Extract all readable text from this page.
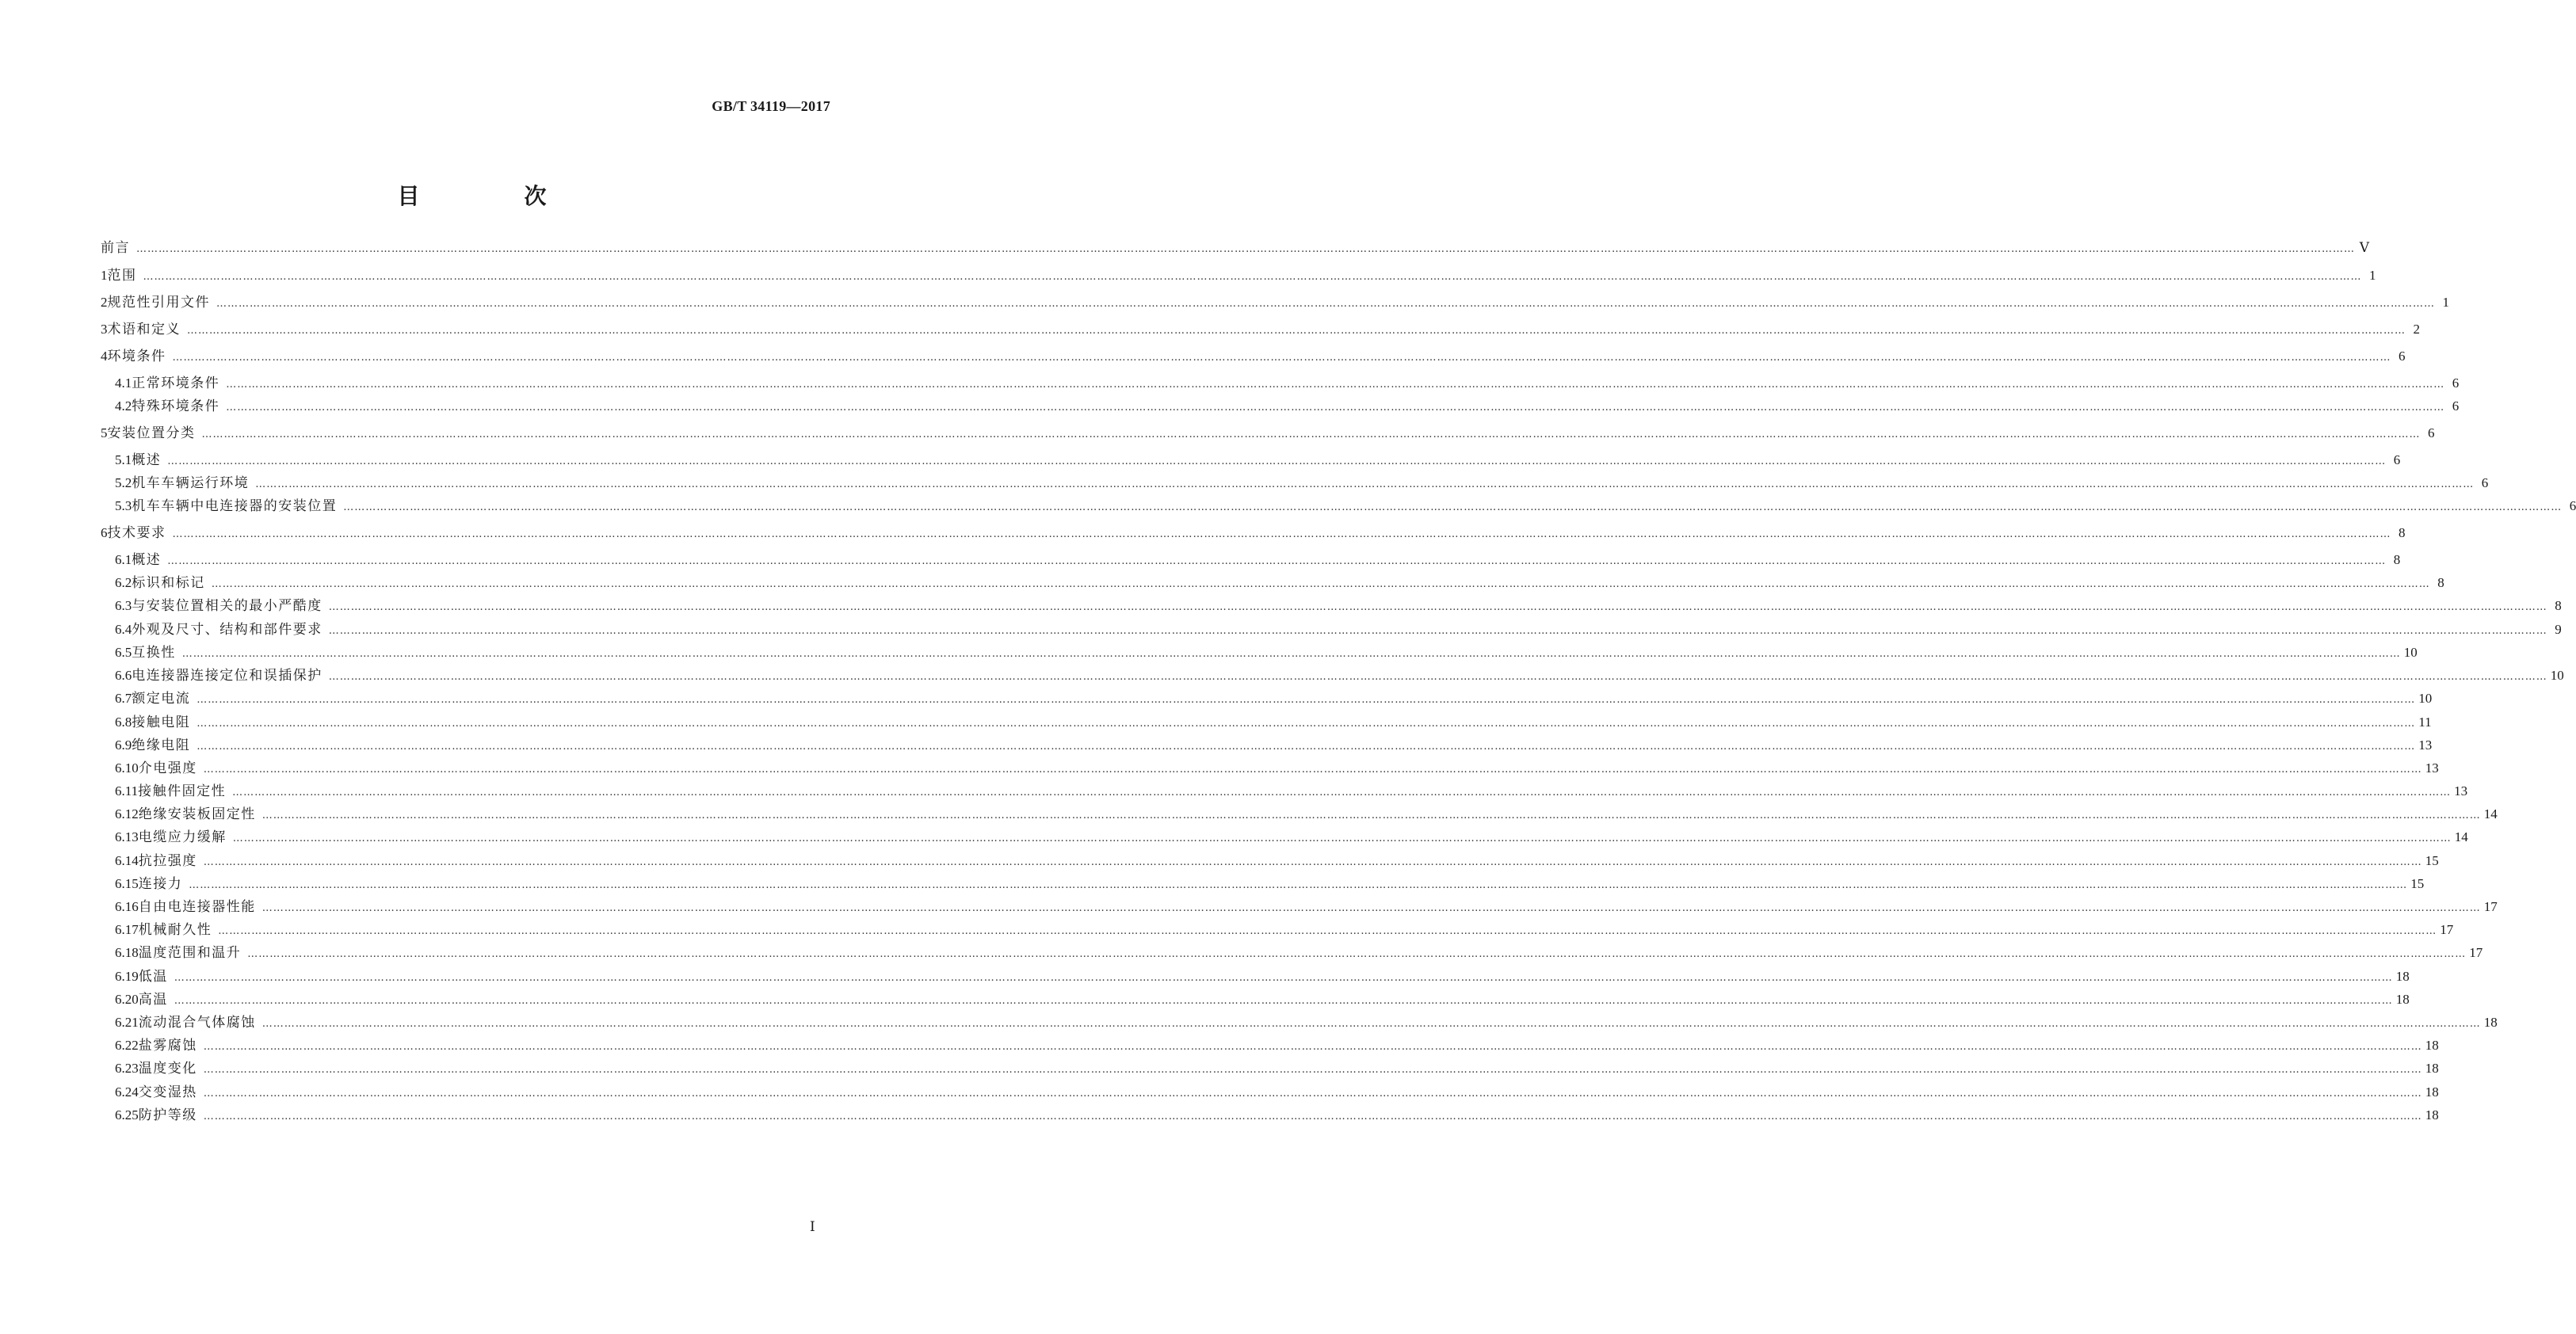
GB/T 34119—2017
目　次
前言 …………………………………………………………………………………………………………………………………………………………………………………………………………………………………………………………………………………………………………………………………………………………………………………………………………………………………………………………………………………………………………………………………………………… Ⅴ
1 范围 …………………………………………………………………………………………………………………………………………………………………………………………………………………………………………………………………………………………………………………………………………………………………………………………………………………………………………………………………………………………………………………………………………………… 1
2 规范性引用文件 …………………………………………………………………………………………………………………………………………………………………………………………………………………………………………………………………………………………………………………………………………………………………………………………………………………………………………………………………………………………………………………………………………………… 1
3 术语和定义 …………………………………………………………………………………………………………………………………………………………………………………………………………………………………………………………………………………………………………………………………………………………………………………………………………………………………………………………………………………………………………………………………………………… 2
4 环境条件 …………………………………………………………………………………………………………………………………………………………………………………………………………………………………………………………………………………………………………………………………………………………………………………………………………………………………………………………………………………………………………………………………………………… 6
4.1 正常环境条件 …………………………………………………………………………………………………………………………………………………………………………………………………………………………………………………………………………………………………………………………………………………………………………………………………………………………………………………………………………………………………………………………………………………… 6
4.2 特殊环境条件 …………………………………………………………………………………………………………………………………………………………………………………………………………………………………………………………………………………………………………………………………………………………………………………………………………………………………………………………………………………………………………………………………………………… 6
5 安装位置分类 …………………………………………………………………………………………………………………………………………………………………………………………………………………………………………………………………………………………………………………………………………………………………………………………………………………………………………………………………………………………………………………………………………………… 6
5.1 概述 …………………………………………………………………………………………………………………………………………………………………………………………………………………………………………………………………………………………………………………………………………………………………………………………………………………………………………………………………………………………………………………………………………………… 6
5.2 机车车辆运行环境 …………………………………………………………………………………………………………………………………………………………………………………………………………………………………………………………………………………………………………………………………………………………………………………………………………………………………………………………………………………………………………………………………………………… 6
5.3 机车车辆中电连接器的安装位置 …………………………………………………………………………………………………………………………………………………………………………………………………………………………………………………………………………………………………………………………………………………………………………………………………………………………………………………………………………………………………………………………………………………… 6
6 技术要求 …………………………………………………………………………………………………………………………………………………………………………………………………………………………………………………………………………………………………………………………………………………………………………………………………………………………………………………………………………………………………………………………………………………… 8
6.1 概述 …………………………………………………………………………………………………………………………………………………………………………………………………………………………………………………………………………………………………………………………………………………………………………………………………………………………………………………………………………………………………………………………………………………… 8
6.2 标识和标记 …………………………………………………………………………………………………………………………………………………………………………………………………………………………………………………………………………………………………………………………………………………………………………………………………………………………………………………………………………………………………………………………………………………… 8
6.3 与安装位置相关的最小严酷度 …………………………………………………………………………………………………………………………………………………………………………………………………………………………………………………………………………………………………………………………………………………………………………………………………………………………………………………………………………………………………………………………………………………… 8
6.4 外观及尺寸、结构和部件要求 …………………………………………………………………………………………………………………………………………………………………………………………………………………………………………………………………………………………………………………………………………………………………………………………………………………………………………………………………………………………………………………………………………………… 9
6.5 互换性 …………………………………………………………………………………………………………………………………………………………………………………………………………………………………………………………………………………………………………………………………………………………………………………………………………………………………………………………………………………………………………………………………………………… 10
6.6 电连接器连接定位和误插保护 …………………………………………………………………………………………………………………………………………………………………………………………………………………………………………………………………………………………………………………………………………………………………………………………………………………………………………………………………………………………………………………………………………………… 10
6.7 额定电流 …………………………………………………………………………………………………………………………………………………………………………………………………………………………………………………………………………………………………………………………………………………………………………………………………………………………………………………………………………………………………………………………………………………… 10
6.8 接触电阻 …………………………………………………………………………………………………………………………………………………………………………………………………………………………………………………………………………………………………………………………………………………………………………………………………………………………………………………………………………………………………………………………………………………… 11
6.9 绝缘电阻 …………………………………………………………………………………………………………………………………………………………………………………………………………………………………………………………………………………………………………………………………………………………………………………………………………………………………………………………………………………………………………………………………………………… 13
6.10 介电强度 …………………………………………………………………………………………………………………………………………………………………………………………………………………………………………………………………………………………………………………………………………………………………………………………………………………………………………………………………………………………………………………………………………………… 13
6.11 接触件固定性 …………………………………………………………………………………………………………………………………………………………………………………………………………………………………………………………………………………………………………………………………………………………………………………………………………………………………………………………………………………………………………………………………………………… 13
6.12 绝缘安装板固定性 …………………………………………………………………………………………………………………………………………………………………………………………………………………………………………………………………………………………………………………………………………………………………………………………………………………………………………………………………………………………………………………………………………………… 14
6.13 电缆应力缓解 …………………………………………………………………………………………………………………………………………………………………………………………………………………………………………………………………………………………………………………………………………………………………………………………………………………………………………………………………………………………………………………………………………………… 14
6.14 抗拉强度 …………………………………………………………………………………………………………………………………………………………………………………………………………………………………………………………………………………………………………………………………………………………………………………………………………………………………………………………………………………………………………………………………………………… 15
6.15 连接力 …………………………………………………………………………………………………………………………………………………………………………………………………………………………………………………………………………………………………………………………………………………………………………………………………………………………………………………………………………………………………………………………………………………… 15
6.16 自由电连接器性能 …………………………………………………………………………………………………………………………………………………………………………………………………………………………………………………………………………………………………………………………………………………………………………………………………………………………………………………………………………………………………………………………………………………… 17
6.17 机械耐久性 …………………………………………………………………………………………………………………………………………………………………………………………………………………………………………………………………………………………………………………………………………………………………………………………………………………………………………………………………………………………………………………………………………………… 17
6.18 温度范围和温升 …………………………………………………………………………………………………………………………………………………………………………………………………………………………………………………………………………………………………………………………………………………………………………………………………………………………………………………………………………………………………………………………………………………… 17
6.19 低温 …………………………………………………………………………………………………………………………………………………………………………………………………………………………………………………………………………………………………………………………………………………………………………………………………………………………………………………………………………………………………………………………………………………… 18
6.20 高温 …………………………………………………………………………………………………………………………………………………………………………………………………………………………………………………………………………………………………………………………………………………………………………………………………………………………………………………………………………………………………………………………………………………… 18
6.21 流动混合气体腐蚀 …………………………………………………………………………………………………………………………………………………………………………………………………………………………………………………………………………………………………………………………………………………………………………………………………………………………………………………………………………………………………………………………………………………… 18
6.22 盐雾腐蚀 …………………………………………………………………………………………………………………………………………………………………………………………………………………………………………………………………………………………………………………………………………………………………………………………………………………………………………………………………………………………………………………………………………………… 18
6.23 温度变化 …………………………………………………………………………………………………………………………………………………………………………………………………………………………………………………………………………………………………………………………………………………………………………………………………………………………………………………………………………………………………………………………………………………… 18
6.24 交变湿热 …………………………………………………………………………………………………………………………………………………………………………………………………………………………………………………………………………………………………………………………………………………………………………………………………………………………………………………………………………………………………………………………………………………… 18
6.25 防护等级 …………………………………………………………………………………………………………………………………………………………………………………………………………………………………………………………………………………………………………………………………………………………………………………………………………………………………………………………………………………………………………………………………………………… 18
Ⅰ
